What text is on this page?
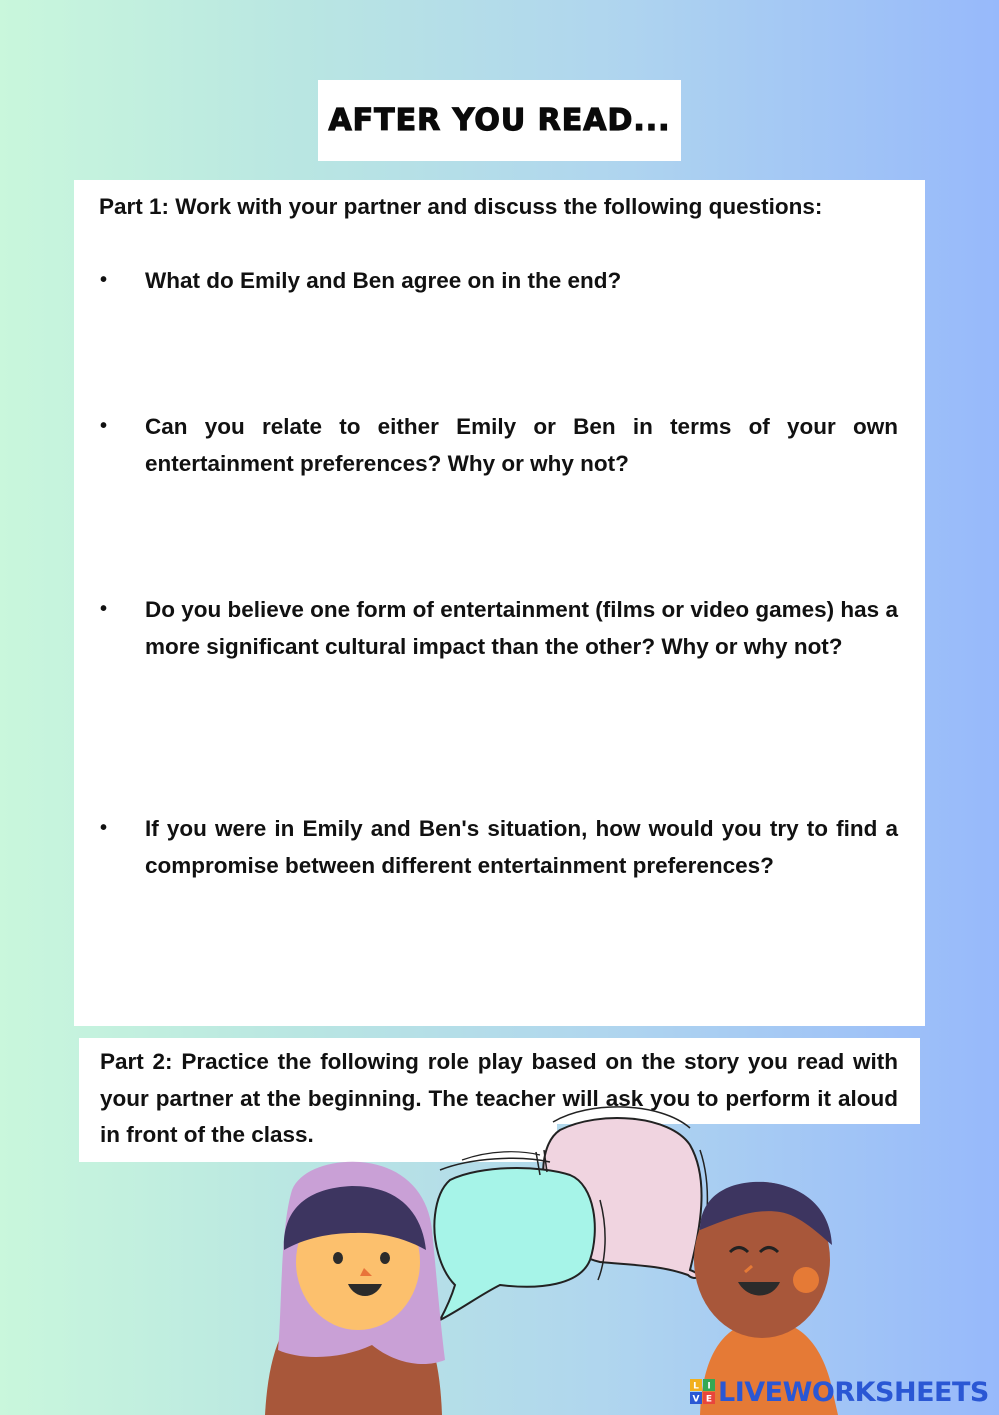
AFTER YOU READ...
Part 1: Work with your partner and discuss the following questions:
•	What do Emily and Ben agree on in the end?
•	Can you relate to either Emily or Ben in terms of your own entertainment preferences? Why or why not?
•	Do you believe one form of entertainment (films or video games) has a more significant cultural impact than the other? Why or why not?
•	If you were in Emily and Ben's situation, how would you try to find a compromise between different entertainment preferences?
Part 2: Practice the following role play based on the story you read with your partner at the beginning. The teacher will ask you to perform it aloud in front of the class.
L I
V E LIVEWORKSHEETS
